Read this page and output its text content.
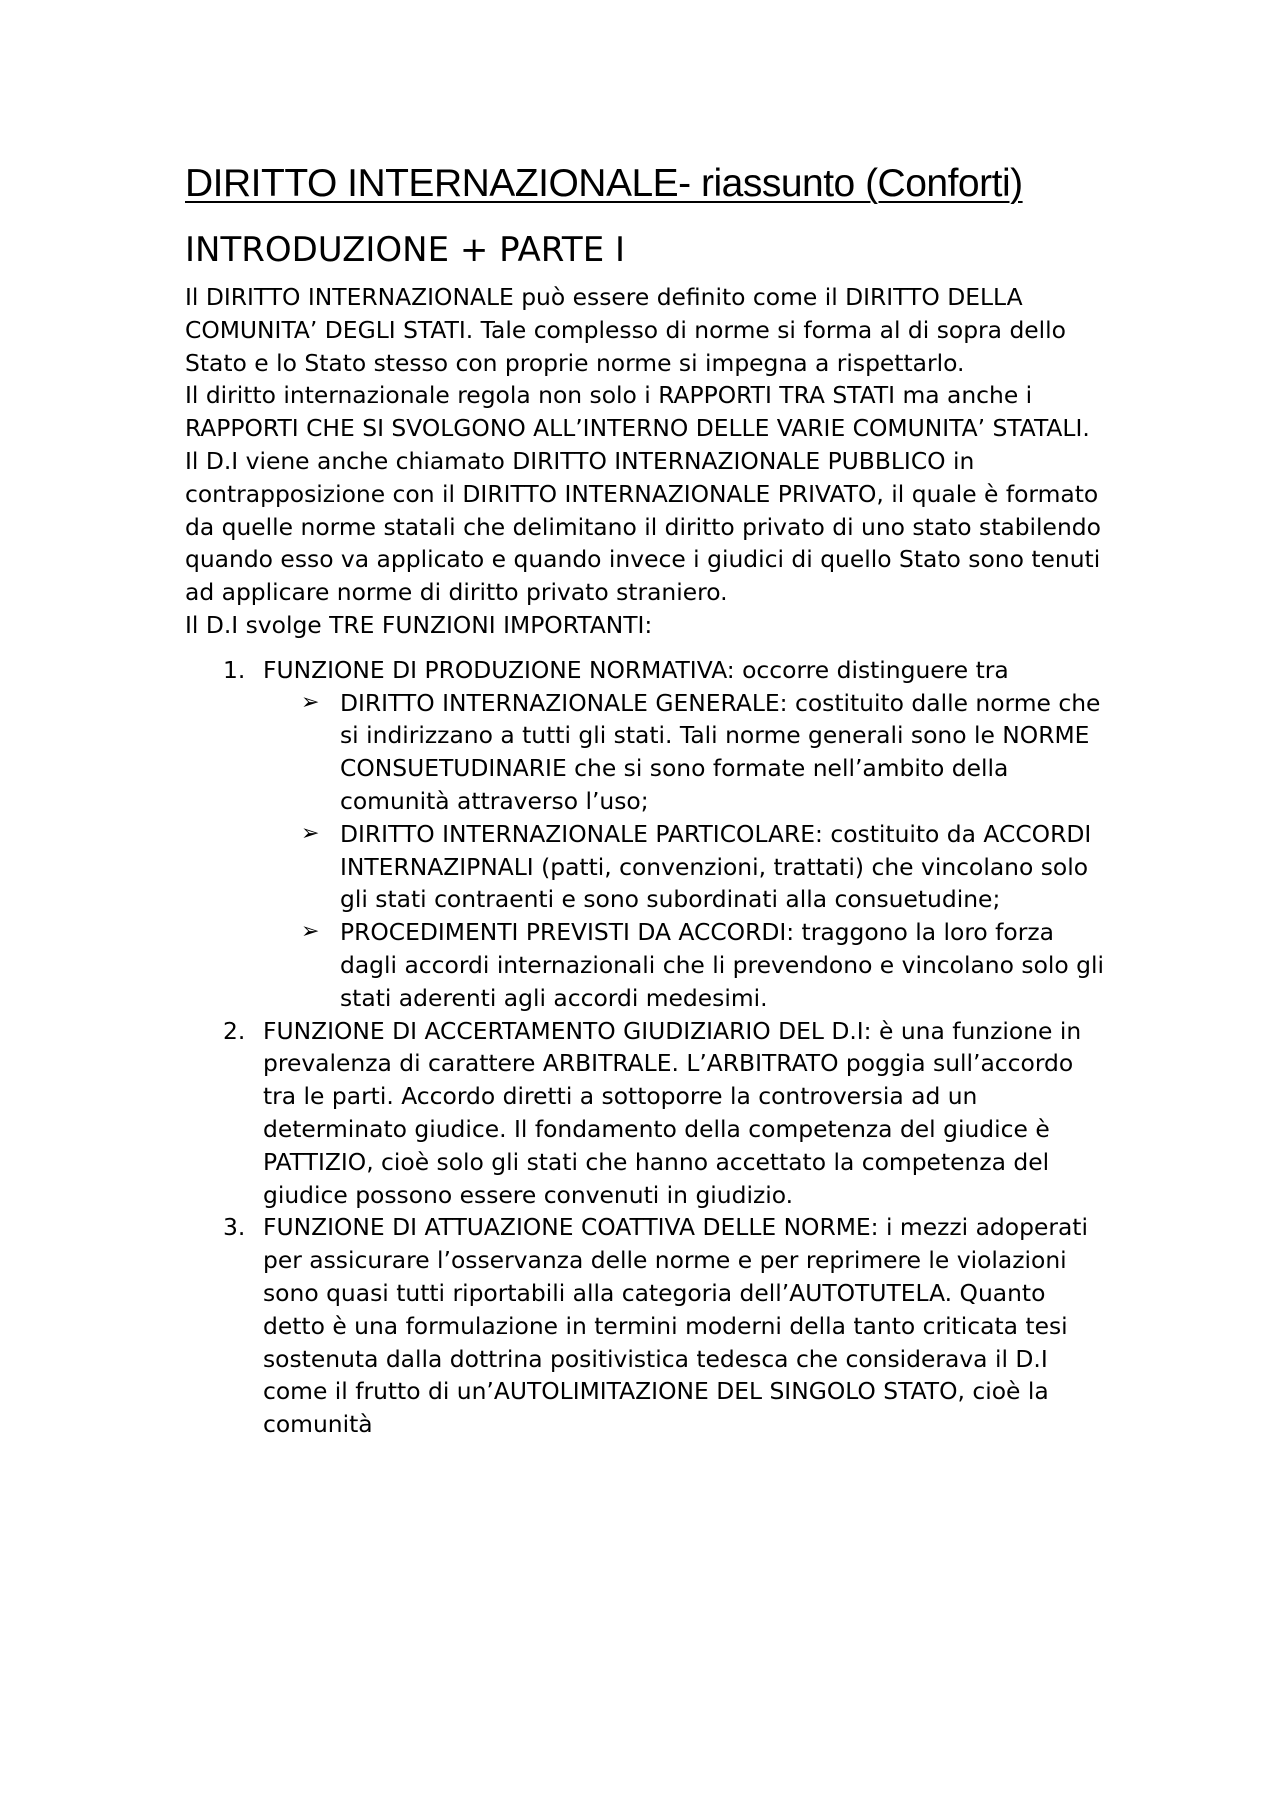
DIRITTO INTERNAZIONALE- riassunto (Conforti)
INTRODUZIONE + PARTE I

Il DIRITTO INTERNAZIONALE può essere definito come il DIRITTO DELLA COMUNITA’ DEGLI STATI. Tale complesso di norme si forma al di sopra dello Stato e lo Stato stesso con proprie norme si impegna a rispettarlo.

Il diritto internazionale regola non solo i RAPPORTI TRA STATI ma anche i RAPPORTI CHE SI SVOLGONO ALL’INTERNO DELLE VARIE COMUNITA’ STATALI.

Il D.I viene anche chiamato DIRITTO INTERNAZIONALE PUBBLICO in contrapposizione con il DIRITTO INTERNAZIONALE PRIVATO, il quale è formato da quelle norme statali che delimitano il diritto privato di uno stato stabilendo quando esso va applicato e quando invece i giudici di quello Stato sono tenuti ad applicare norme di diritto privato straniero.

Il D.I svolge TRE FUNZIONI IMPORTANTI:

1. FUNZIONE DI PRODUZIONE NORMATIVA: occorre distinguere tra
➢ DIRITTO INTERNAZIONALE GENERALE: costituito dalle norme che si indirizzano a tutti gli stati. Tali norme generali sono le NORME CONSUETUDINARIE che si sono formate nell’ambito della comunità attraverso l’uso;
➢ DIRITTO INTERNAZIONALE PARTICOLARE: costituito da ACCORDI INTERNAZIPNALI (patti, convenzioni, trattati) che vincolano solo gli stati contraenti e sono subordinati alla consuetudine;
➢ PROCEDIMENTI PREVISTI DA ACCORDI: traggono la loro forza dagli accordi internazionali che li prevendono e vincolano solo gli stati aderenti agli accordi medesimi.
2. FUNZIONE DI ACCERTAMENTO GIUDIZIARIO DEL D.I: è una funzione in prevalenza di carattere ARBITRALE. L’ARBITRATO poggia sull’accordo tra le parti. Accordo diretti a sottoporre la controversia ad un determinato giudice. Il fondamento della competenza del giudice è PATTIZIO, cioè solo gli stati che hanno accettato la competenza del giudice possono essere convenuti in giudizio.
3. FUNZIONE DI ATTUAZIONE COATTIVA DELLE NORME: i mezzi adoperati per assicurare l’osservanza delle norme e per reprimere le violazioni sono quasi tutti riportabili alla categoria dell’AUTOTUTELA. Quanto detto è una formulazione in termini moderni della tanto criticata tesi sostenuta dalla dottrina positivistica tedesca che considerava il D.I come il frutto di un’AUTOLIMITAZIONE DEL SINGOLO STATO, cioè la comunità
